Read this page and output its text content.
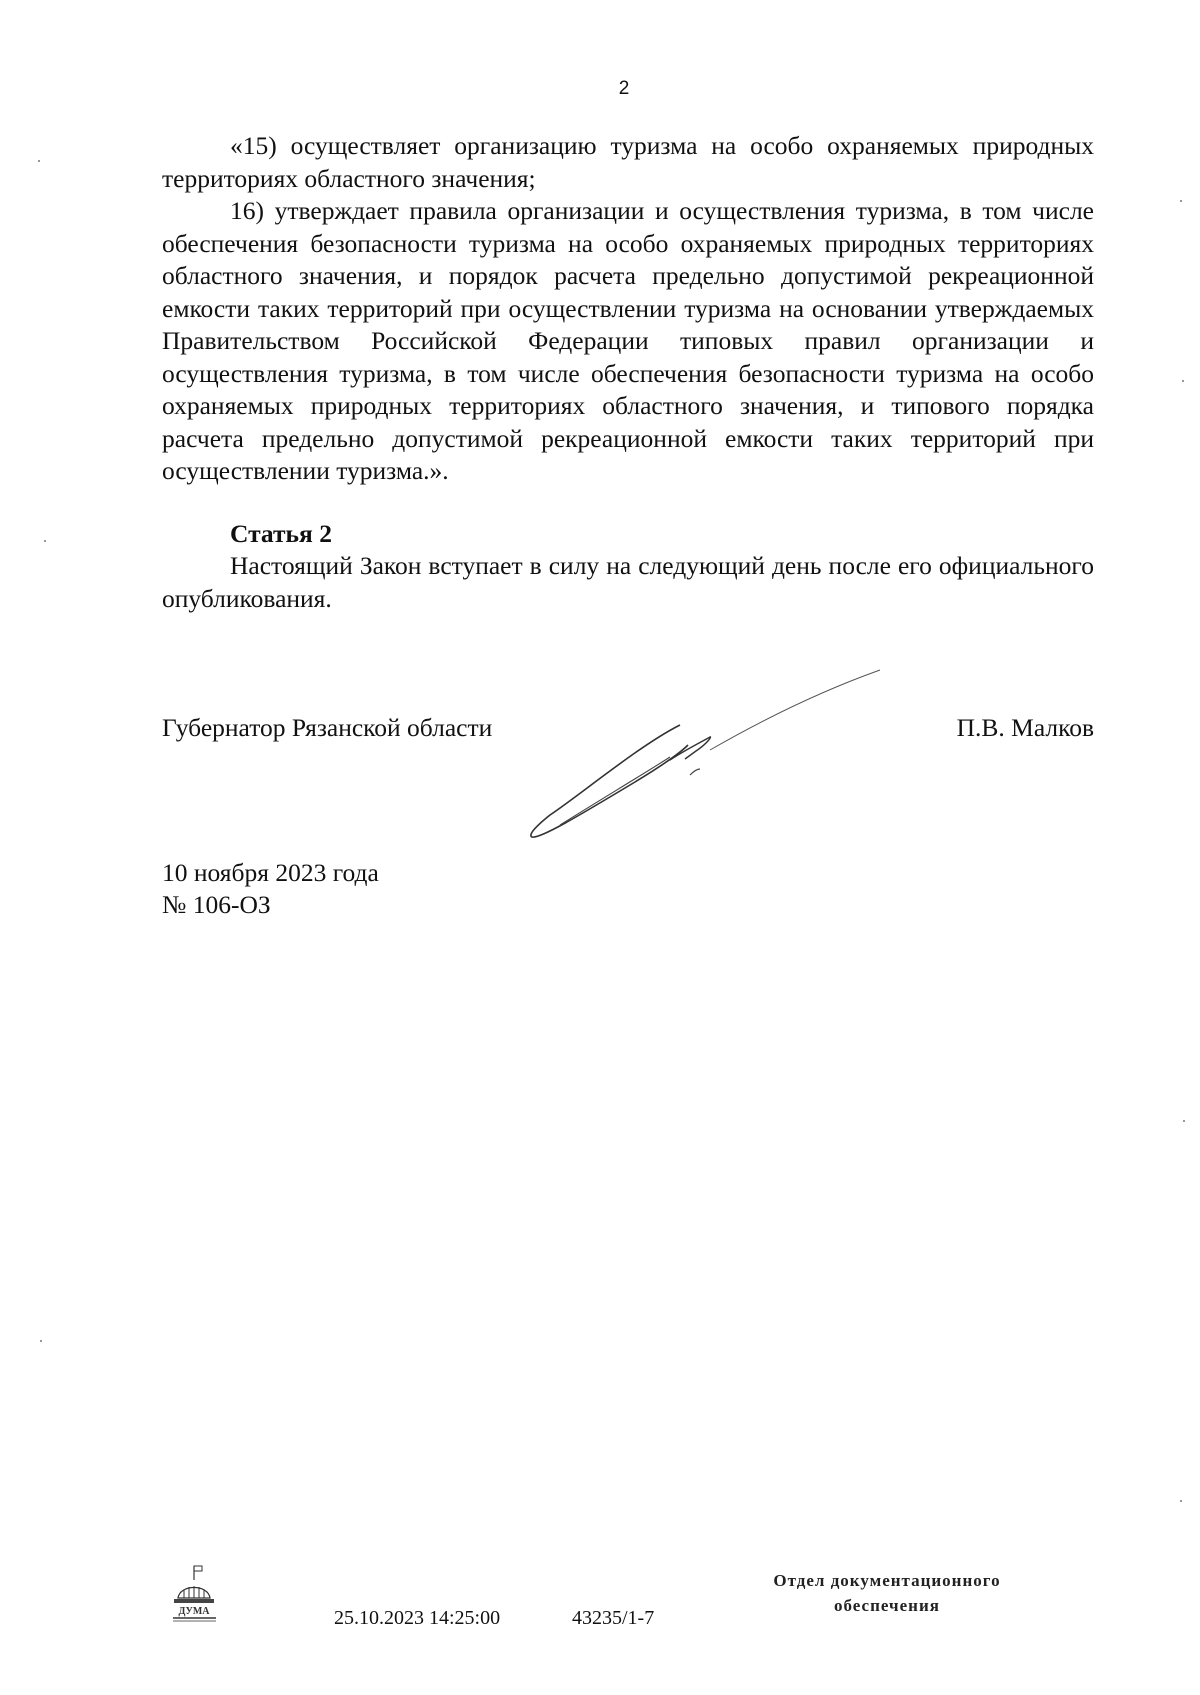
2

«15) осуществляет организацию туризма на особо охраняемых природных территориях областного значения;

16) утверждает правила организации и осуществления туризма, в том числе обеспечения безопасности туризма на особо охраняемых природных территориях областного значения, и порядок расчета предельно допустимой рекреационной емкости таких территорий при осуществлении туризма на основании утверждаемых Правительством Российской Федерации типовых правил организации и осуществления туризма, в том числе обеспечения безопасности туризма на особо охраняемых природных территориях областного значения, и типового порядка расчета предельно допустимой рекреационной емкости таких территорий при осуществлении туризма.».

Статья 2

Настоящий Закон вступает в силу на следующий день после его официального опубликования.

Губернатор Рязанской области	П.В. Малков
10 ноября 2023 года
№ 106-ОЗ
ДУМА	25.10.2023 14:25:00	43235/1-7
Отдел документационного
обеспечения
